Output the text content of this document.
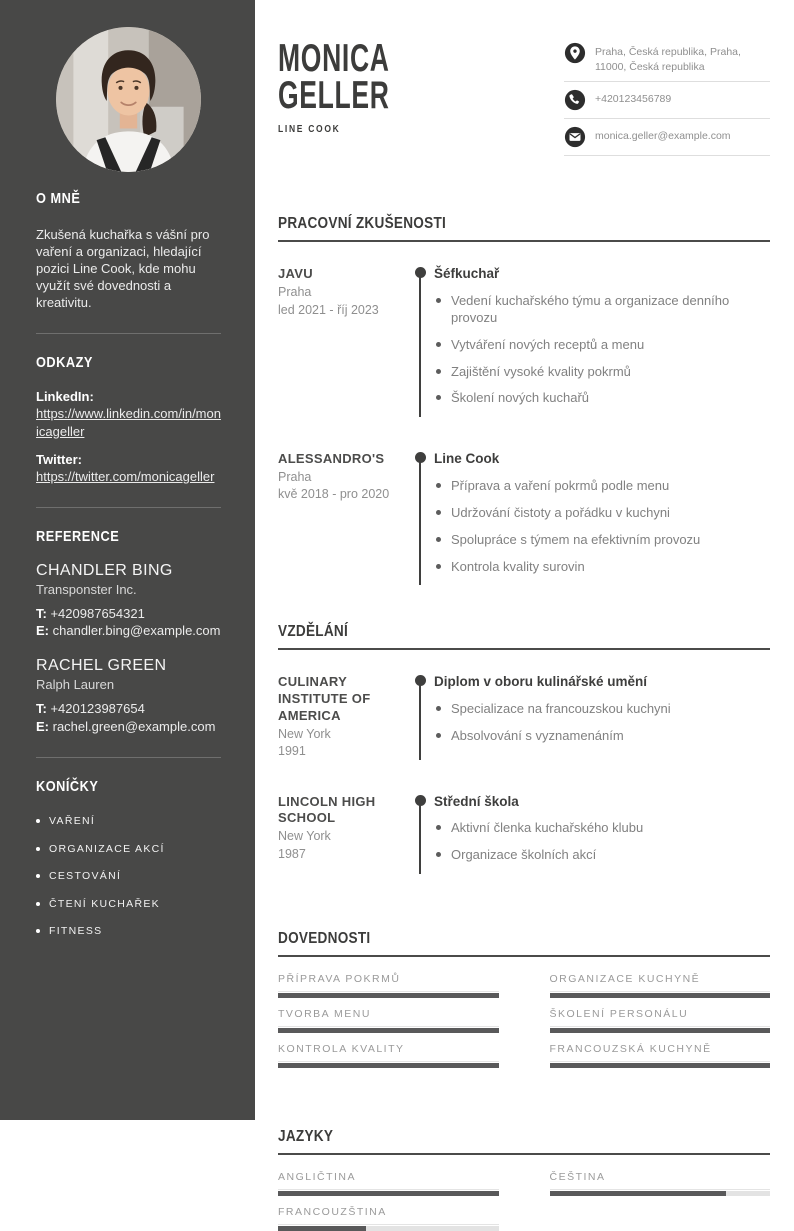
O MNĚ

Zkušená kuchařka s vášní pro vaření a organizaci, hledající pozici Line Cook, kde mohu využít své dovednosti a kreativitu.

ODKAZY
LinkedIn:
https://www.linkedin.com/in/monicageller
Twitter:
https://twitter.com/monicageller
REFERENCE
CHANDLER BING
Transponster Inc.
T: +420987654321
E: chandler.bing@example.com
RACHEL GREEN
Ralph Lauren
T: +420123987654
E: rachel.green@example.com
KONÍČKY
VAŘENÍ
ORGANIZACE AKCÍ
CESTOVÁNÍ
ČTENÍ KUCHAŘEK
FITNESS
MONICA
GELLER
LINE COOK
Praha, Česká republika, Praha, 11000, Česká republika
+420123456789
monica.geller@example.com
PRACOVNÍ ZKUŠENOSTI
JAVU
Praha
led 2021 - říj 2023
Šéfkuchař
Vedení kuchařského týmu a organizace denního provozu
Vytváření nových receptů a menu
Zajištění vysoké kvality pokrmů
Školení nových kuchařů
ALESSANDRO'S
Praha
kvě 2018 - pro 2020
Line Cook
Příprava a vaření pokrmů podle menu
Udržování čistoty a pořádku v kuchyni
Spolupráce s týmem na efektivním provozu
Kontrola kvality surovin
VZDĚLÁNÍ
CULINARY INSTITUTE OF AMERICA
New York
1991
Diplom v oboru kulinářské umění
Specializace na francouzskou kuchyni
Absolvování s vyznamenáním
LINCOLN HIGH SCHOOL
New York
1987
Střední škola
Aktivní členka kuchařského klubu
Organizace školních akcí
DOVEDNOSTI
PŘÍPRAVA POKRMŮ	ORGANIZACE KUCHYNĚ
TVORBA MENU	ŠKOLENÍ PERSONÁLU
KONTROLA KVALITY	FRANCOUZSKÁ KUCHYNĚ
JAZYKY
ANGLIČTINA	ČEŠTINA
FRANCOUZŠTINA
